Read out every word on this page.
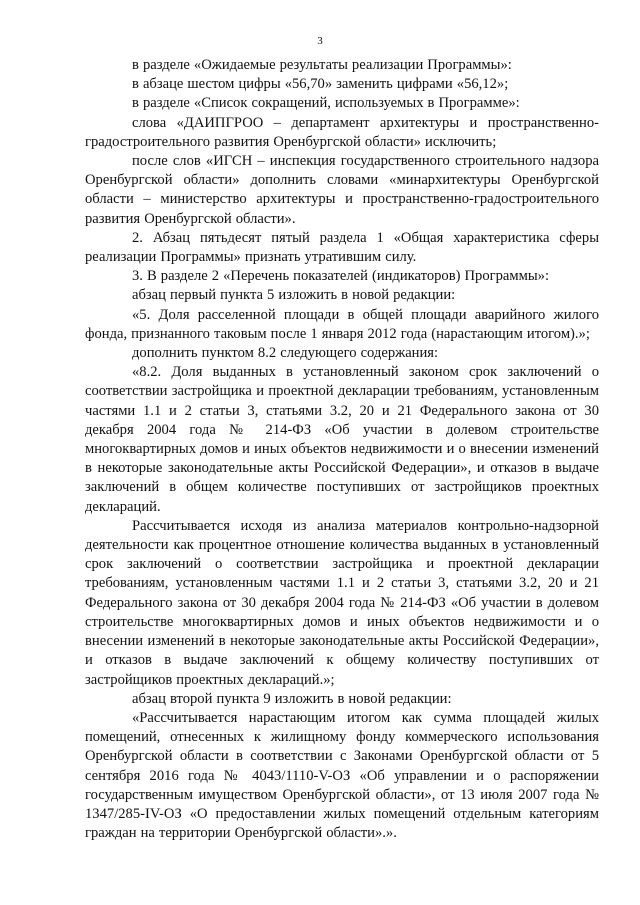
3

в разделе «Ожидаемые результаты реализации Программы»:

в абзаце шестом цифры «56,70» заменить цифрами «56,12»;

в разделе «Список сокращений, используемых в Программе»:

слова «ДАИПГРОО – департамент архитектуры и пространственно-градостроительного развития Оренбургской области» исключить;

после слов «ИГСН – инспекция государственного строительного надзора Оренбургской области» дополнить словами «минархитектуры Оренбургской области – министерство архитектуры и пространственно-градостроительного развития Оренбургской области».

2. Абзац пятьдесят пятый раздела 1 «Общая характеристика сферы реализации Программы» признать утратившим силу.

3. В разделе 2 «Перечень показателей (индикаторов) Программы»:

абзац первый пункта 5 изложить в новой редакции:

«5. Доля расселенной площади в общей площади аварийного жилого фонда, признанного таковым после 1 января 2012 года (нарастающим итогом).»;

дополнить пунктом 8.2 следующего содержания:

«8.2. Доля выданных в установленный законом срок заключений о соответствии застройщика и проектной декларации требованиям, установленным частями 1.1 и 2 статьи 3, статьями 3.2, 20 и 21 Федерального закона от 30 декабря 2004 года № 214-ФЗ «Об участии в долевом строительстве многоквартирных домов и иных объектов недвижимости и о внесении изменений в некоторые законодательные акты Российской Федерации», и отказов в выдаче заключений в общем количестве поступивших от застройщиков проектных деклараций.

Рассчитывается исходя из анализа материалов контрольно-надзорной деятельности как процентное отношение количества выданных в установленный срок заключений о соответствии застройщика и проектной декларации требованиям, установленным частями 1.1 и 2 статьи 3, статьями 3.2, 20 и 21 Федерального закона от 30 декабря 2004 года № 214-ФЗ «Об участии в долевом строительстве многоквартирных домов и иных объектов недвижимости и о внесении изменений в некоторые законодательные акты Российской Федерации», и отказов в выдаче заключений к общему количеству поступивших от застройщиков проектных деклараций.»;

абзац второй пункта 9 изложить в новой редакции:

«Рассчитывается нарастающим итогом как сумма площадей жилых помещений, отнесенных к жилищному фонду коммерческого использования Оренбургской области в соответствии с Законами Оренбургской области от 5 сентября 2016 года № 4043/1110-V-ОЗ «Об управлении и о распоряжении государственным имуществом Оренбургской области», от 13 июля 2007 года № 1347/285-IV-ОЗ «О предоставлении жилых помещений отдельным категориям граждан на территории Оренбургской области».».
